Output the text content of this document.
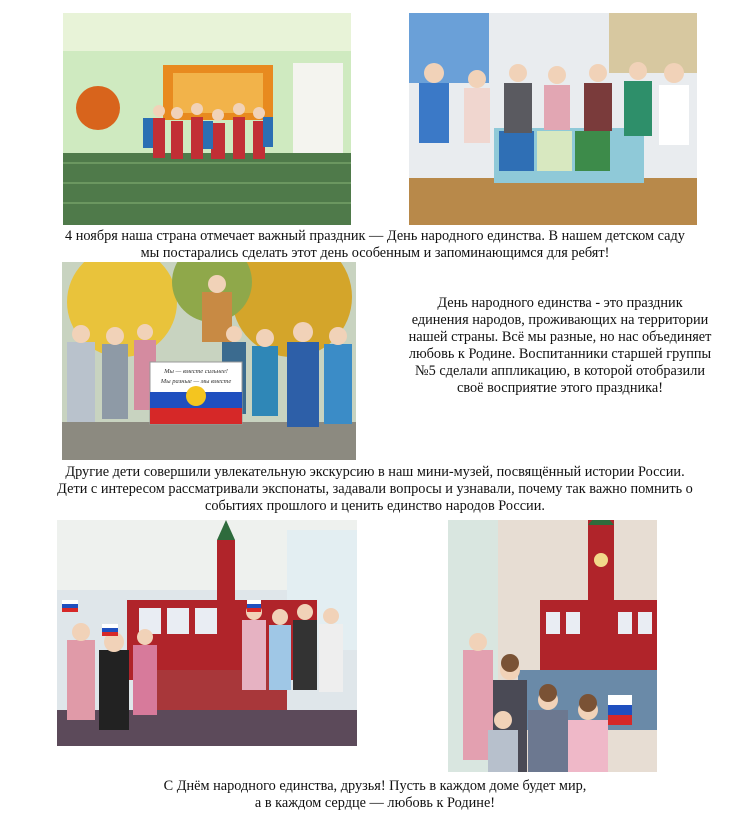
4 ноября наша страна отмечает важный праздник — День народного единства. В нашем детском саду
мы постарались сделать этот день особенным и запоминающимся для ребят!

Мы — вместе сильнее!
Мы разные — мы вместе

День народного единства - это праздник
единения народов, проживающих на территории
нашей страны. Всё мы разные, но нас объединяет
любовь к Родине. Воспитанники старшей группы
№5 сделали аппликацию, в которой отобразили
своё восприятие этого праздника!

Другие дети совершили увлекательную экскурсию в наш мини-музей, посвящённый истории России.
Дети с интересом рассматривали экспонаты, задавали вопросы и узнавали, почему так важно помнить о
событиях прошлого и ценить единство народов России.

С Днём народного единства, друзья! Пусть в каждом доме будет мир,
а в каждом сердце — любовь к Родине!
